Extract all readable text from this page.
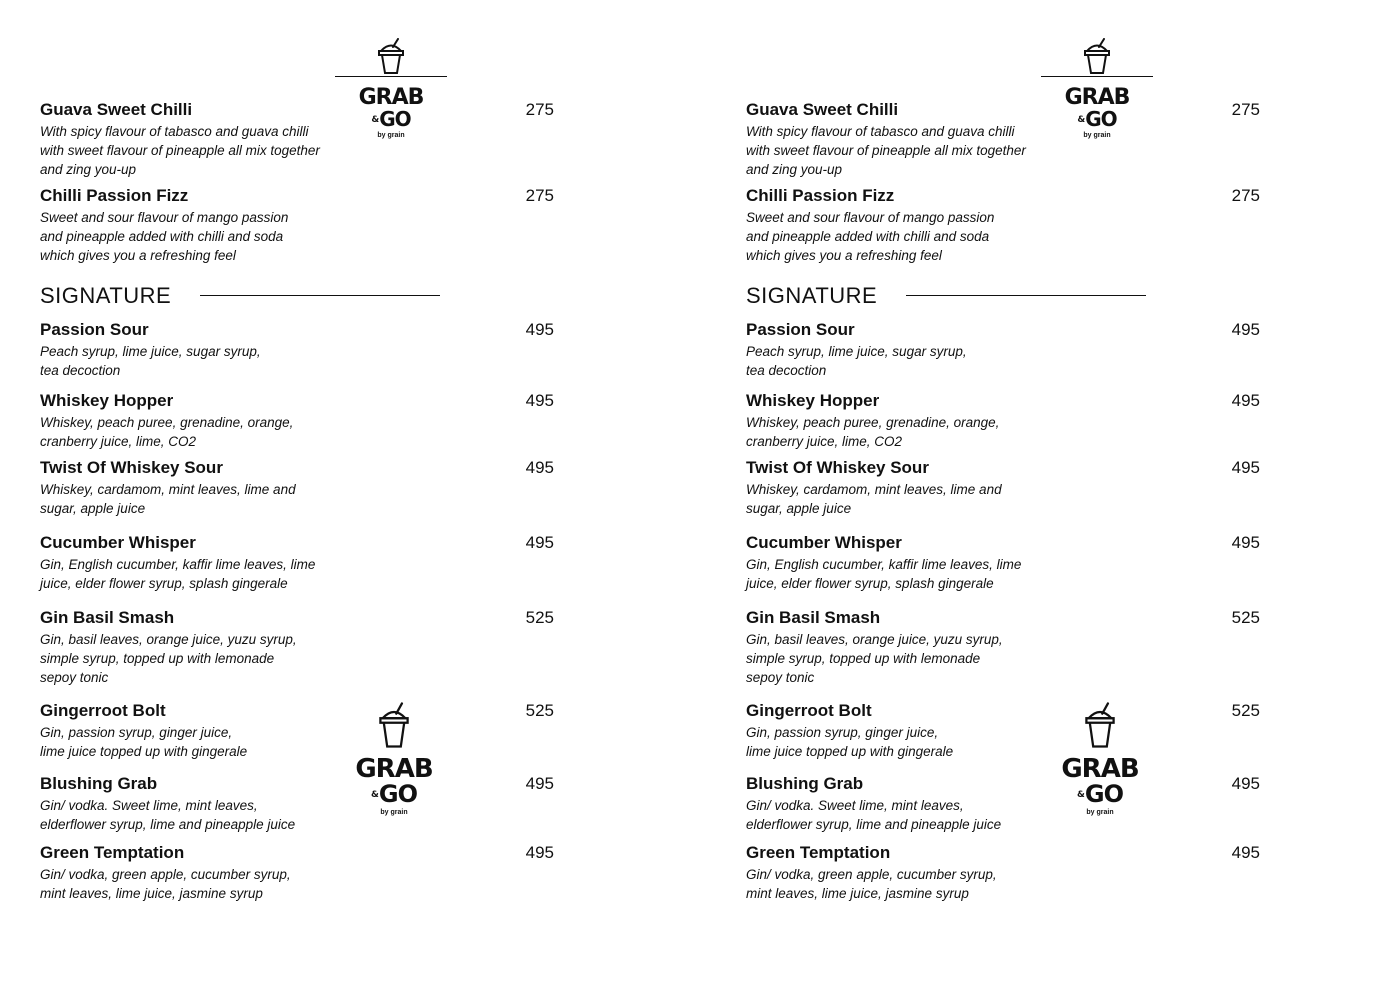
GRAB
&GO
by grain
Guava Sweet Chilli	275
With spicy flavour of tabasco and guava chilli
with sweet flavour of pineapple all mix together
and zing you-up
Chilli Passion Fizz	275
Sweet and sour flavour of mango passion
and pineapple added with chilli and soda
which gives you a refreshing feel
SIGNATURE
Passion Sour	495
Peach syrup, lime juice, sugar syrup,
tea decoction
Whiskey Hopper	495
Whiskey, peach puree, grenadine, orange,
cranberry juice, lime, CO2
Twist Of Whiskey Sour	495
Whiskey, cardamom, mint leaves, lime and
sugar, apple juice
Cucumber Whisper	495
Gin, English cucumber, kaffir lime leaves, lime
juice, elder flower syrup, splash gingerale
Gin Basil Smash	525
Gin, basil leaves, orange juice, yuzu syrup,
simple syrup, topped up with lemonade
sepoy tonic
Gingerroot Bolt	525
Gin, passion syrup, ginger juice,
lime juice topped up with gingerale
Blushing Grab	495
Gin/ vodka. Sweet lime, mint leaves,
elderflower syrup, lime and pineapple juice
Green Temptation	495
Gin/ vodka, green apple, cucumber syrup,
mint leaves, lime juice, jasmine syrup
GRAB
&GO
by grain
GRAB
&GO
by grain
Guava Sweet Chilli	275
With spicy flavour of tabasco and guava chilli
with sweet flavour of pineapple all mix together
and zing you-up
Chilli Passion Fizz	275
Sweet and sour flavour of mango passion
and pineapple added with chilli and soda
which gives you a refreshing feel
SIGNATURE
Passion Sour	495
Peach syrup, lime juice, sugar syrup,
tea decoction
Whiskey Hopper	495
Whiskey, peach puree, grenadine, orange,
cranberry juice, lime, CO2
Twist Of Whiskey Sour	495
Whiskey, cardamom, mint leaves, lime and
sugar, apple juice
Cucumber Whisper	495
Gin, English cucumber, kaffir lime leaves, lime
juice, elder flower syrup, splash gingerale
Gin Basil Smash	525
Gin, basil leaves, orange juice, yuzu syrup,
simple syrup, topped up with lemonade
sepoy tonic
Gingerroot Bolt	525
Gin, passion syrup, ginger juice,
lime juice topped up with gingerale
Blushing Grab	495
Gin/ vodka. Sweet lime, mint leaves,
elderflower syrup, lime and pineapple juice
Green Temptation	495
Gin/ vodka, green apple, cucumber syrup,
mint leaves, lime juice, jasmine syrup
GRAB
&GO
by grain
